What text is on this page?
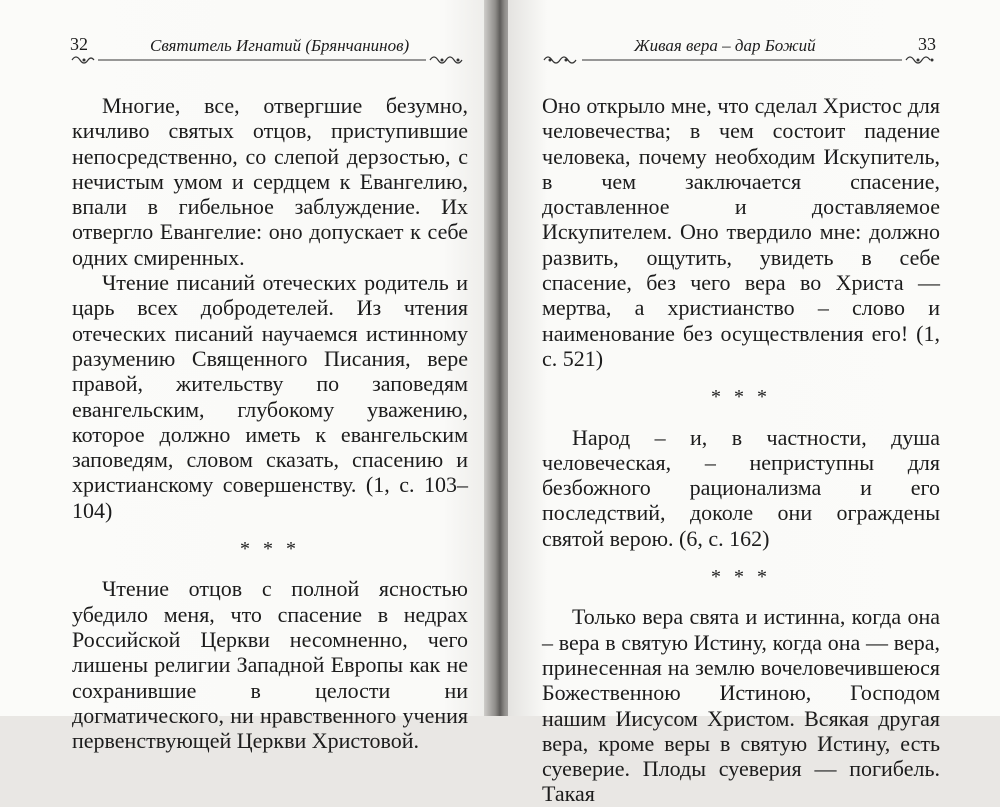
32	Святитель Игнатий (Брянчанинов)

Многие, все, отвергшие безумно, кичливо святых отцов, приступившие непосредственно, со слепой дерзостью, с нечистым умом и сердцем к Евангелию, впали в гибельное заблуждение. Их отвергло Евангелие: оно допускает к себе одних смиренных.

Чтение писаний отеческих родитель и царь всех добродетелей. Из чтения отеческих писаний научаемся истинному разумению Священного Писания, вере правой, жительству по заповедям евангельским, глубокому уважению, которое должно иметь к евангельским заповедям, словом сказать, спасению и христианскому совершенству. (1, с. 103–104)

* * *

Чтение отцов с полной ясностью убедило меня, что спасение в недрах Российской Церкви несомненно, чего лишены религии Западной Европы как не сохранившие в целости ни догматического, ни нравственного учения первенствующей Церкви Христовой.

Живая вера – дар Божий	33

Оно открыло мне, что сделал Христос для человечества; в чем состоит падение человека, почему необходим Искупитель, в чем заключается спасение, доставленное и доставляемое Искупителем. Оно твердило мне: должно развить, ощутить, увидеть в себе спасение, без чего вера во Христа — мертва, а христианство – слово и наименование без осуществления его! (1, с. 521)

* * *

Народ – и, в частности, душа человеческая, – неприступны для безбожного рационализма и его последствий, доколе они ограждены святой верою. (6, с. 162)

* * *

Только вера свята и истинна, когда она – вера в святую Истину, когда она — вера, принесенная на землю вочеловечившеюся Божественною Истиною, Господом нашим Иисусом Христом. Всякая другая вера, кроме веры в святую Истину, есть суеверие. Плоды суеверия — погибель. Такая
